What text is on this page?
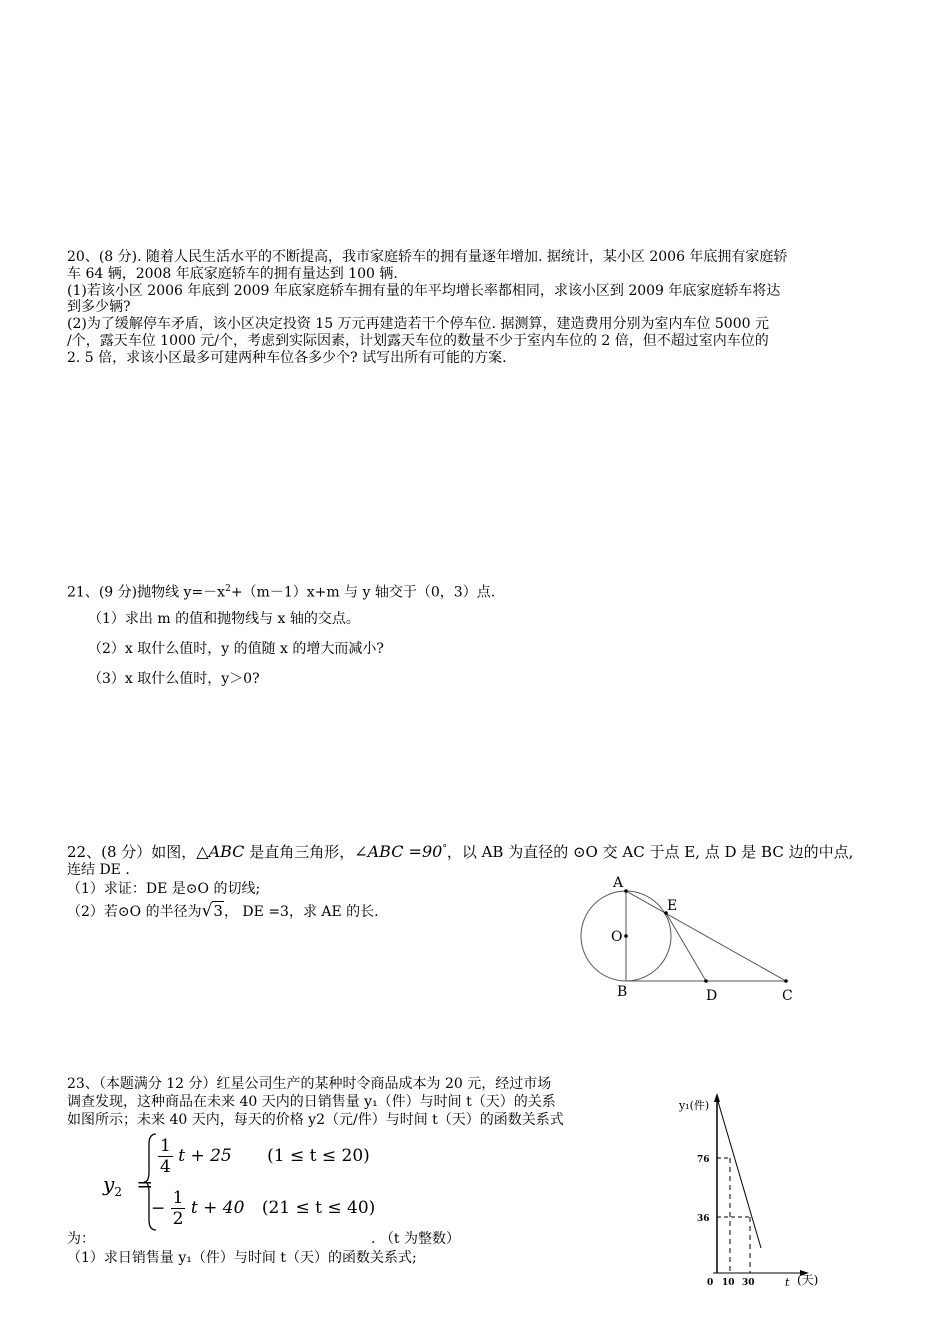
20、(8 分). 随着人民生活水平的不断提高，我市家庭轿车的拥有量逐年增加. 据统计，某小区 2006 年底拥有家庭轿
车 64 辆，2008 年底家庭轿车的拥有量达到 100 辆.
(1)若该小区 2006 年底到 2009 年底家庭轿车拥有量的年平均增长率都相同，求该小区到 2009 年底家庭轿车将达
到多少辆?
(2)为了缓解停车矛盾，该小区决定投资 15 万元再建造若干个停车位. 据测算，建造费用分别为室内车位 5000 元
/个，露天车位 1000 元/个，考虑到实际因素，计划露天车位的数量不少于室内车位的 2 倍，但不超过室内车位的
2. 5 倍，求该小区最多可建两种车位各多少个? 试写出所有可能的方案.
21、(9 分)抛物线 $y=-x^2+(m-1)x+m$ 与 y 轴交于（0，3）点.
（1）求出 m 的值和抛物线与 x 轴的交点。
（2）x 取什么值时，y 的值随 x 的增大而减小?
（3）x 取什么值时，y＞0?
22、(8 分）如图，△ABC 是直角三角形，∠ABC =90°，以 AB 为直径的 ⊙O 交 AC 于点 E, 点 D 是 BC 边的中点,
连结 DE .
（1）求证：DE 是⊙O 的切线;
（2）若⊙O 的半径为√3， DE =3，求 AE 的长.
A
E
O
B	D	C
23、（本题满分 12 分）红星公司生产的某种时令商品成本为 20 元，经过市场
调查发现，这种商品在未来 40 天内的日销售量 y₁（件）与时间 t（天）的关系
如图所示；未来 40 天内，每天的价格 y2（元/件）与时间 t（天）的函数关系式
$y_2$ =
$\frac{1}{4}$ t + 25 (1 ≤ t ≤ 20)
− $\frac{1}{2}$ t + 40 (21 ≤ t ≤ 40)
为：	. （t 为整数）
（1）求日销售量 y₁（件）与时间 t（天）的函数关系式;
y₁(件)
76
36
0 10 30	t (天)
